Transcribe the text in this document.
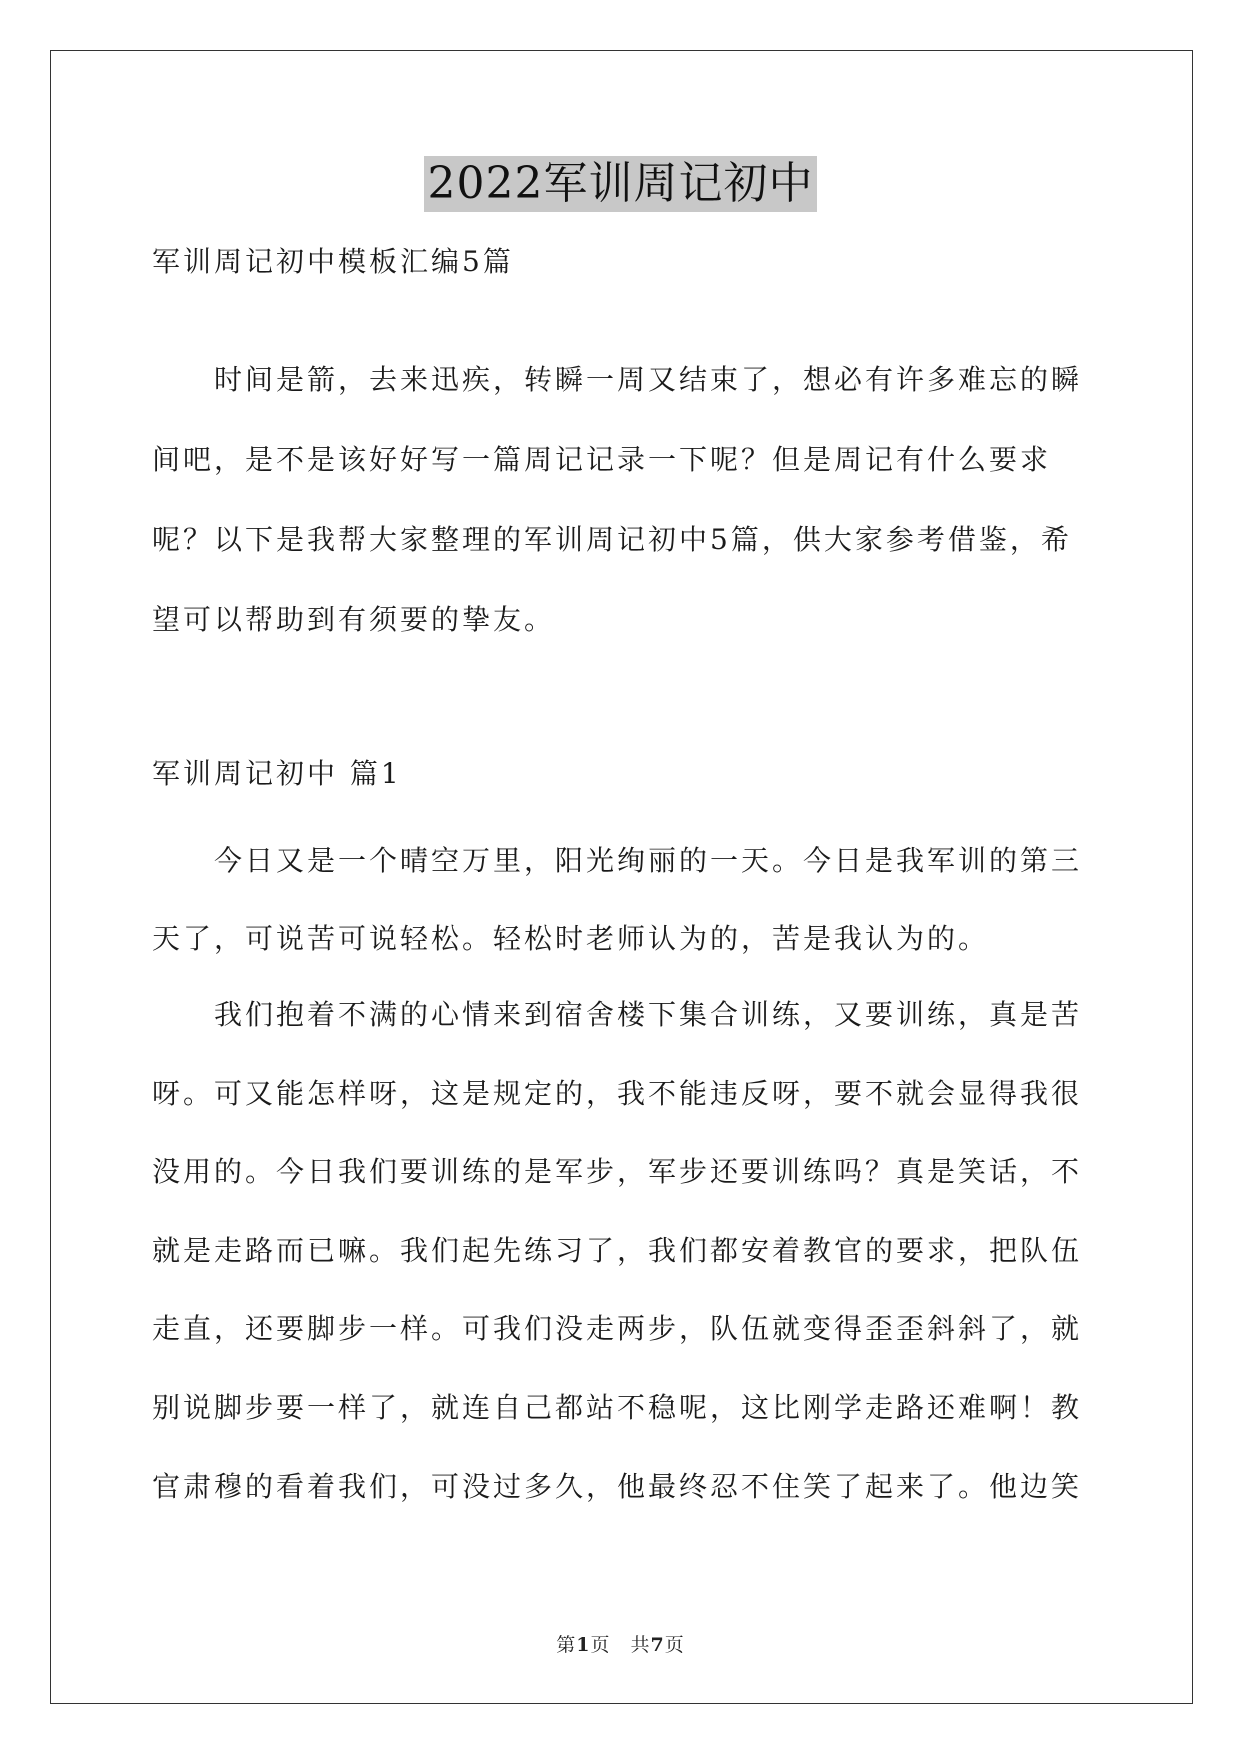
2022军训周记初中
军训周记初中模板汇编5篇
时间是箭，去来迅疾，转瞬一周又结束了，想必有许多难忘的瞬间吧，是不是该好好写一篇周记记录一下呢？但是周记有什么要求呢？以下是我帮大家整理的军训周记初中5篇，供大家参考借鉴，希望可以帮助到有须要的挚友。
军训周记初中 篇1
今日又是一个晴空万里，阳光绚丽的一天。今日是我军训的第三天了，可说苦可说轻松。轻松时老师认为的，苦是我认为的。
我们抱着不满的心情来到宿舍楼下集合训练，又要训练，真是苦呀。可又能怎样呀，这是规定的，我不能违反呀，要不就会显得我很没用的。今日我们要训练的是军步，军步还要训练吗？真是笑话，不就是走路而已嘛。我们起先练习了，我们都安着教官的要求，把队伍走直，还要脚步一样。可我们没走两步，队伍就变得歪歪斜斜了，就别说脚步要一样了，就连自己都站不稳呢，这比刚学走路还难啊！教官肃穆的看着我们，可没过多久，他最终忍不住笑了起来了。他边笑
第1页　共7页
